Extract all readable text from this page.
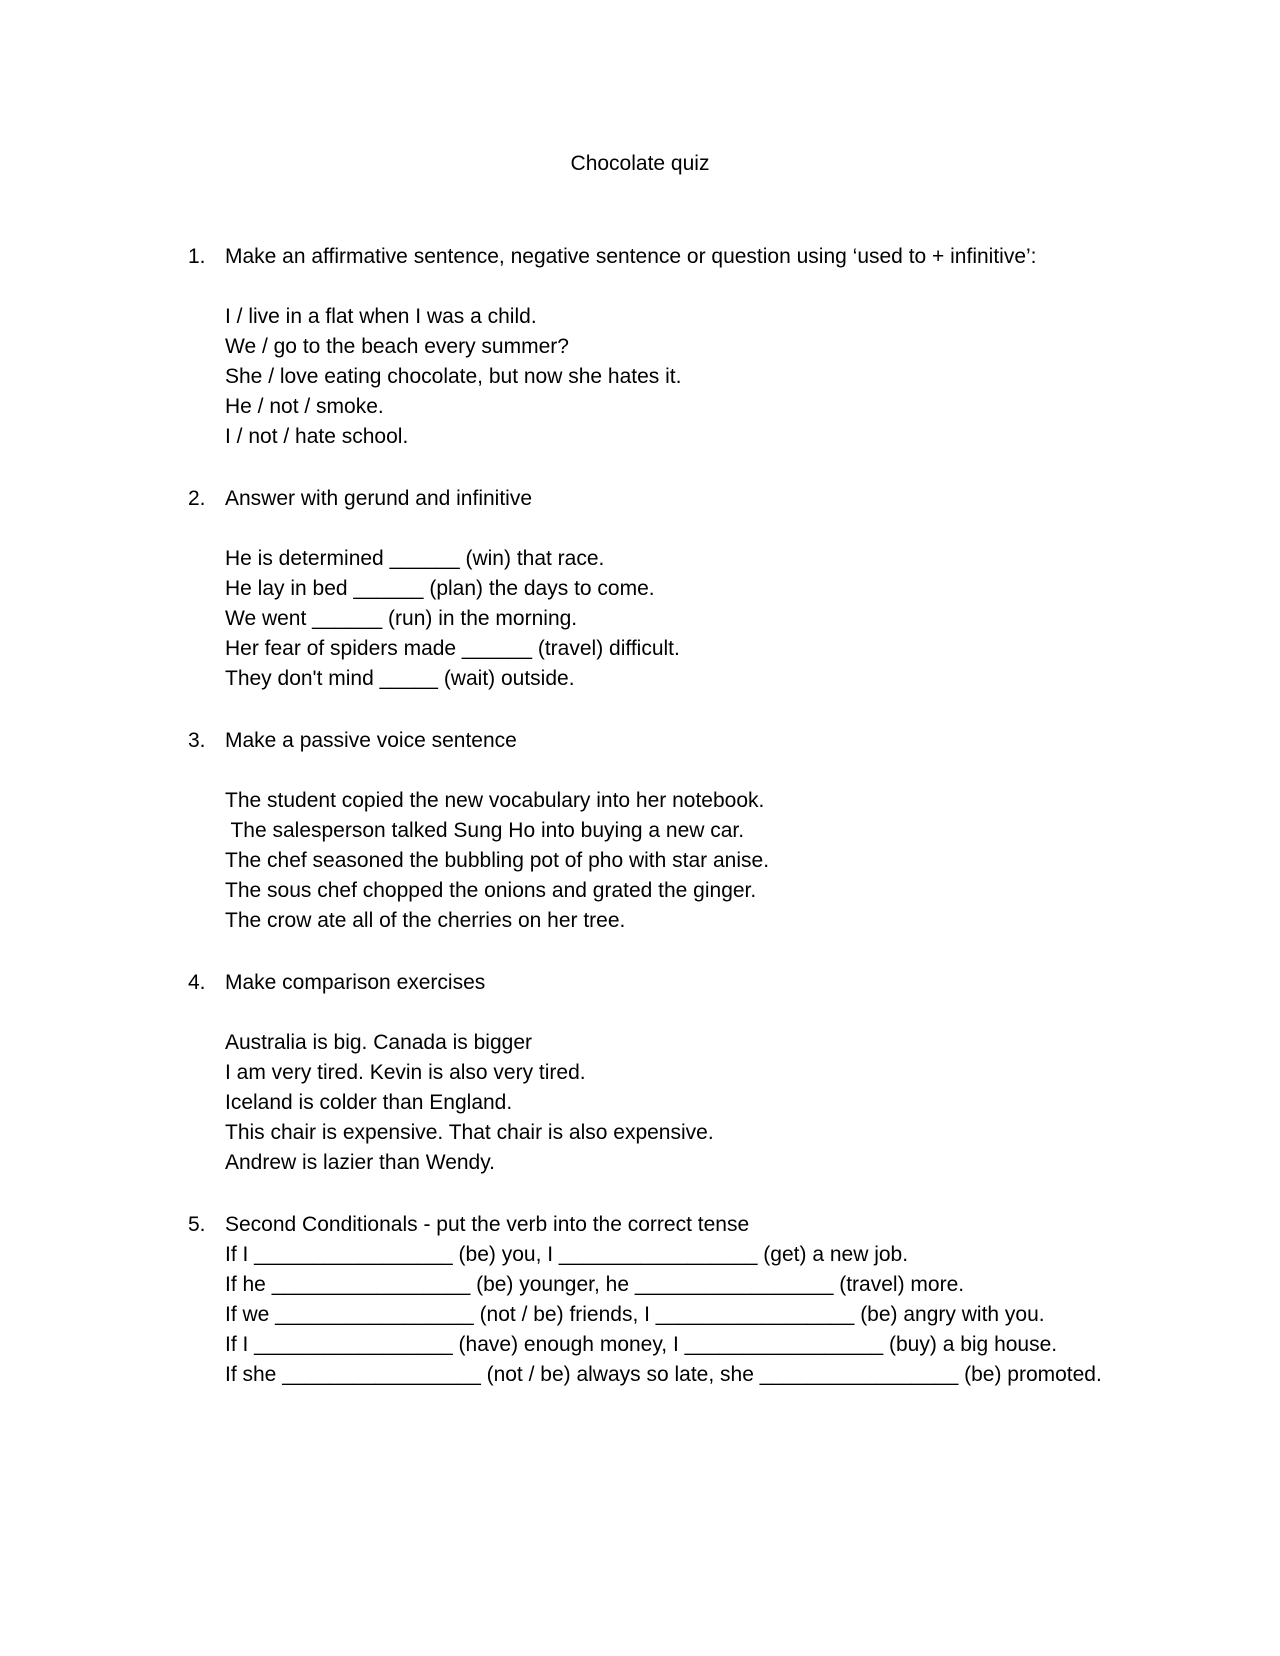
Chocolate quiz
1. Make an affirmative sentence, negative sentence or question using ‘used to + infinitive’:
I / live in a flat when I was a child.
We / go to the beach every summer?
She / love eating chocolate, but now she hates it.
He / not / smoke.
I / not / hate school.
2. Answer with gerund and infinitive
He is determined ______ (win) that race.
He lay in bed ______ (plan) the days to come.
We went ______ (run) in the morning.
Her fear of spiders made ______ (travel) difficult.
They don't mind _____ (wait) outside.
3. Make a passive voice sentence
The student copied the new vocabulary into her notebook.
The salesperson talked Sung Ho into buying a new car.
The chef seasoned the bubbling pot of pho with star anise.
The sous chef chopped the onions and grated the ginger.
The crow ate all of the cherries on her tree.
4. Make comparison exercises
Australia is big. Canada is bigger
I am very tired. Kevin is also very tired.
Iceland is colder than England.
This chair is expensive. That chair is also expensive.
Andrew is lazier than Wendy.
5. Second Conditionals - put the verb into the correct tense
If I _________________ (be) you, I _________________ (get) a new job.
If he _________________ (be) younger, he _________________ (travel) more.
If we _________________ (not / be) friends, I _________________ (be) angry with you.
If I _________________ (have) enough money, I _________________ (buy) a big house.
If she _________________ (not / be) always so late, she _________________ (be) promoted.
